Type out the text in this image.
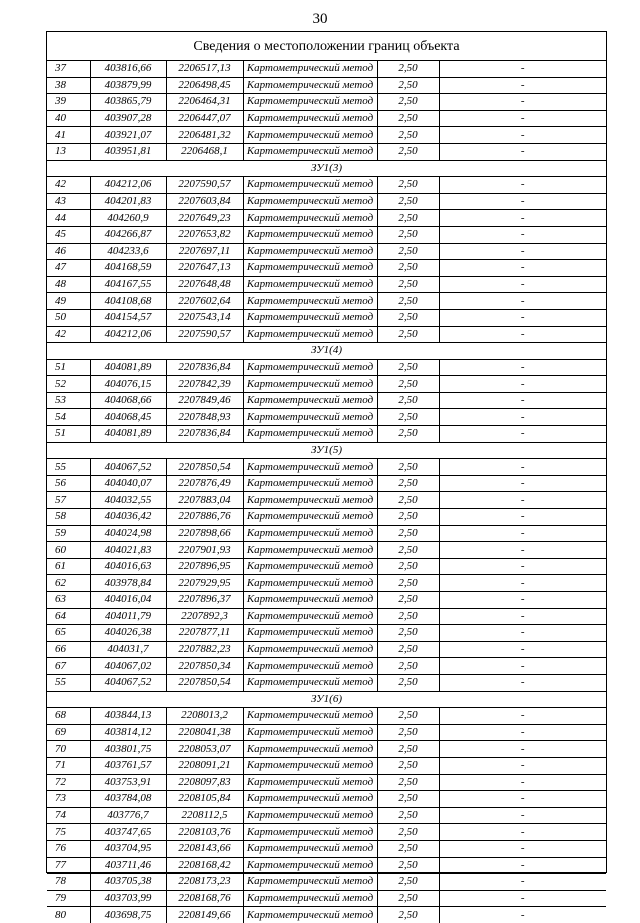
30
Сведения о местоположении границ объекта
37	403816,66	2206517,13	Картометрический метод	2,50	-
38	403879,99	2206498,45	Картометрический метод	2,50	-
39	403865,79	2206464,31	Картометрический метод	2,50	-
40	403907,28	2206447,07	Картометрический метод	2,50	-
41	403921,07	2206481,32	Картометрический метод	2,50	-
13	403951,81	2206468,1	Картометрический метод	2,50	-
ЗУ1(3)					
42	404212,06	2207590,57	Картометрический метод	2,50	-
43	404201,83	2207603,84	Картометрический метод	2,50	-
44	404260,9	2207649,23	Картометрический метод	2,50	-
45	404266,87	2207653,82	Картометрический метод	2,50	-
46	404233,6	2207697,11	Картометрический метод	2,50	-
47	404168,59	2207647,13	Картометрический метод	2,50	-
48	404167,55	2207648,48	Картометрический метод	2,50	-
49	404108,68	2207602,64	Картометрический метод	2,50	-
50	404154,57	2207543,14	Картометрический метод	2,50	-
42	404212,06	2207590,57	Картометрический метод	2,50	-
ЗУ1(4)					
51	404081,89	2207836,84	Картометрический метод	2,50	-
52	404076,15	2207842,39	Картометрический метод	2,50	-
53	404068,66	2207849,46	Картометрический метод	2,50	-
54	404068,45	2207848,93	Картометрический метод	2,50	-
51	404081,89	2207836,84	Картометрический метод	2,50	-
ЗУ1(5)					
55	404067,52	2207850,54	Картометрический метод	2,50	-
56	404040,07	2207876,49	Картометрический метод	2,50	-
57	404032,55	2207883,04	Картометрический метод	2,50	-
58	404036,42	2207886,76	Картометрический метод	2,50	-
59	404024,98	2207898,66	Картометрический метод	2,50	-
60	404021,83	2207901,93	Картометрический метод	2,50	-
61	404016,63	2207896,95	Картометрический метод	2,50	-
62	403978,84	2207929,95	Картометрический метод	2,50	-
63	404016,04	2207896,37	Картометрический метод	2,50	-
64	404011,79	2207892,3	Картометрический метод	2,50	-
65	404026,38	2207877,11	Картометрический метод	2,50	-
66	404031,7	2207882,23	Картометрический метод	2,50	-
67	404067,02	2207850,34	Картометрический метод	2,50	-
55	404067,52	2207850,54	Картометрический метод	2,50	-
ЗУ1(6)					
68	403844,13	2208013,2	Картометрический метод	2,50	-
69	403814,12	2208041,38	Картометрический метод	2,50	-
70	403801,75	2208053,07	Картометрический метод	2,50	-
71	403761,57	2208091,21	Картометрический метод	2,50	-
72	403753,91	2208097,83	Картометрический метод	2,50	-
73	403784,08	2208105,84	Картометрический метод	2,50	-
74	403776,7	2208112,5	Картометрический метод	2,50	-
75	403747,65	2208103,76	Картометрический метод	2,50	-
76	403704,95	2208143,66	Картометрический метод	2,50	-
77	403711,46	2208168,42	Картометрический метод	2,50	-
78	403705,38	2208173,23	Картометрический метод	2,50	-
79	403703,99	2208168,76	Картометрический метод	2,50	-
80	403698,75	2208149,66	Картометрический метод	2,50	-
